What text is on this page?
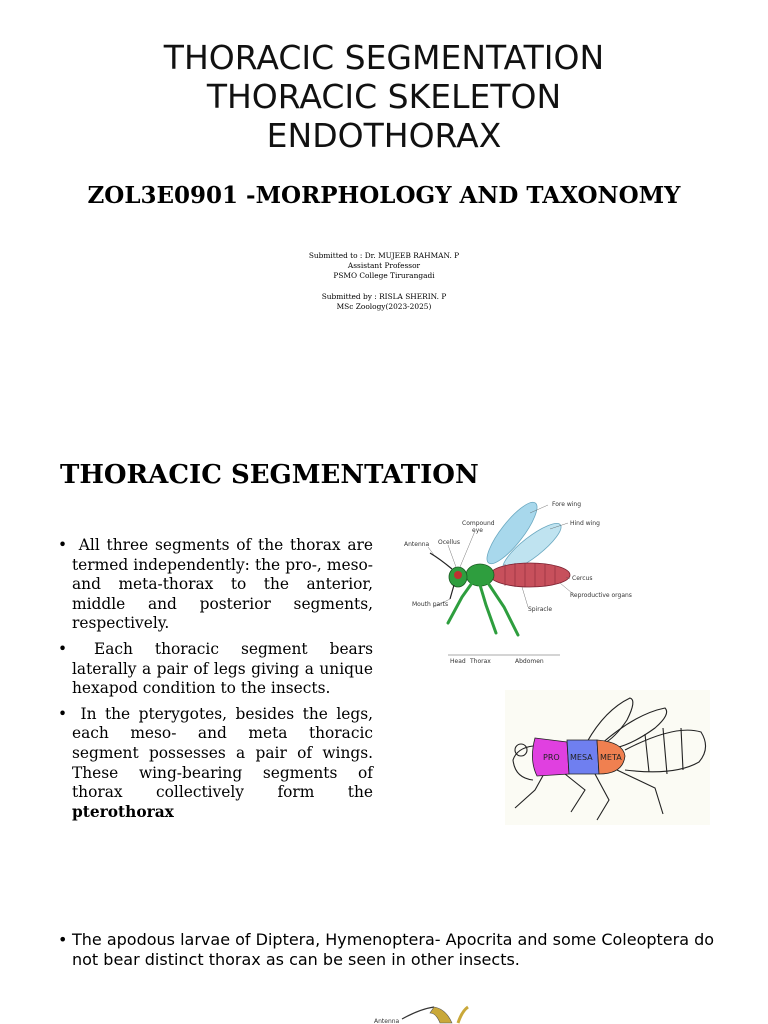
THORACIC SEGMENTATION
THORACIC SKELETON
ENDOTHORAX
ZOL3E0901 -MORPHOLOGY AND TAXONOMY
Submitted to : Dr. MUJEEB RAHMAN. P
Assistant Professor
PSMO College Tirurangadi
Submitted by : RISLA SHERIN. P
MSc Zoology(2023-2025)
THORACIC SEGMENTATION
• All three segments of the thorax are termed independently: the pro-, meso- and meta-thorax to the anterior, middle and posterior segments, respectively.
• Each thoracic segment bears laterally a pair of legs giving a unique hexapod condition to the insects.
• In the pterygotes, besides the legs, each meso- and meta thoracic segment possesses a pair of wings. These wing-bearing segments of thorax collectively form the pterothorax
Fore wing
Hind wing
Compound
eye
Antenna Ocellus
Cercus
Reproductive organs
Mouth parts
Spiracle
Head Thorax	Abdomen
PRO MESA META
• The apodous larvae of Diptera, Hymenoptera- Apocrita and some Coleoptera do not bear distinct thorax as can be seen in other insects.
Antenna
